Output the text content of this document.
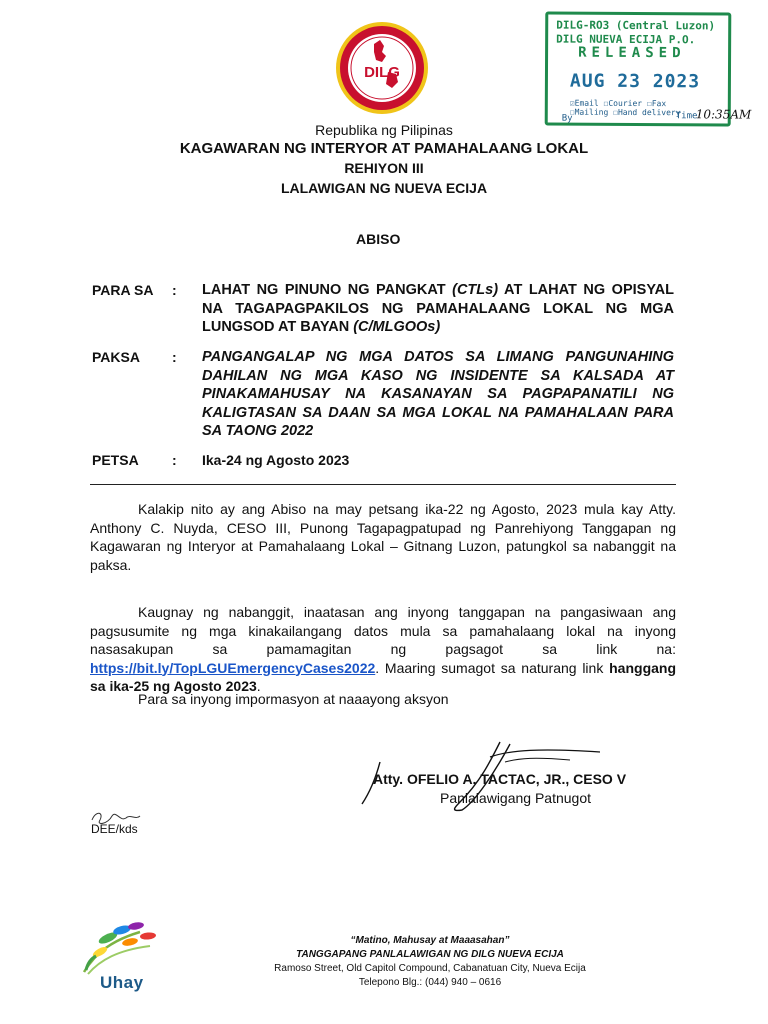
DILG
DILG-RO3 (Central Luzon)
DILG NUEVA ECIJA P.O.
RELEASED
AUG 23 2023
☑Email ☐Courier ☐Fax
☐Mailing ☐Hand delivery
By	Time
10:35AM
Republika ng Pilipinas
KAGAWARAN NG INTERYOR AT PAMAHALAANG LOKAL
REHIYON III
LALAWIGAN NG NUEVA ECIJA
ABISO
PARA SA : LAHAT NG PINUNO NG PANGKAT (CTLs) AT LAHAT NG OPISYAL NA TAGAPAGPAKILOS NG PAMAHALAANG LOKAL NG MGA LUNGSOD AT BAYAN (C/MLGOOs)
PAKSA : PANGANGALAP NG MGA DATOS SA LIMANG PANGUNAHING DAHILAN NG MGA KASO NG INSIDENTE SA KALSADA AT PINAKAMAHUSAY NA KASANAYAN SA PAGPAPANATILI NG KALIGTASAN SA DAAN SA MGA LOKAL NA PAMAHALAAN PARA SA TAONG 2022
PETSA : Ika-24 ng Agosto 2023
Kalakip nito ay ang Abiso na may petsang ika-22 ng Agosto, 2023 mula kay Atty. Anthony C. Nuyda, CESO III, Punong Tagapagpatupad ng Panrehiyong Tanggapan ng Kagawaran ng Interyor at Pamahalaang Lokal – Gitnang Luzon, patungkol sa nabanggit na paksa.
Kaugnay ng nabanggit, inaatasan ang inyong tanggapan na pangasiwaan ang pagsusumite ng mga kinakailangang datos mula sa pamahalaang lokal na inyong nasasakupan sa pamamagitan ng pagsagot sa link na: https://bit.ly/TopLGUEmergencyCases2022. Maaring sumagot sa naturang link hanggang sa ika-25 ng Agosto 2023.
Para sa inyong impormasyon at naaayong aksyon
Atty. OFELIO A. TACTAC, JR., CESO V
Panlalawigang Patnugot
DEE/kds
Uhay
“Matino, Mahusay at Maaasahan”
TANGGAPANG PANLALAWIGAN NG DILG NUEVA ECIJA
Ramoso Street, Old Capitol Compound, Cabanatuan City, Nueva Ecija
Telepono Blg.: (044) 940 – 0616
